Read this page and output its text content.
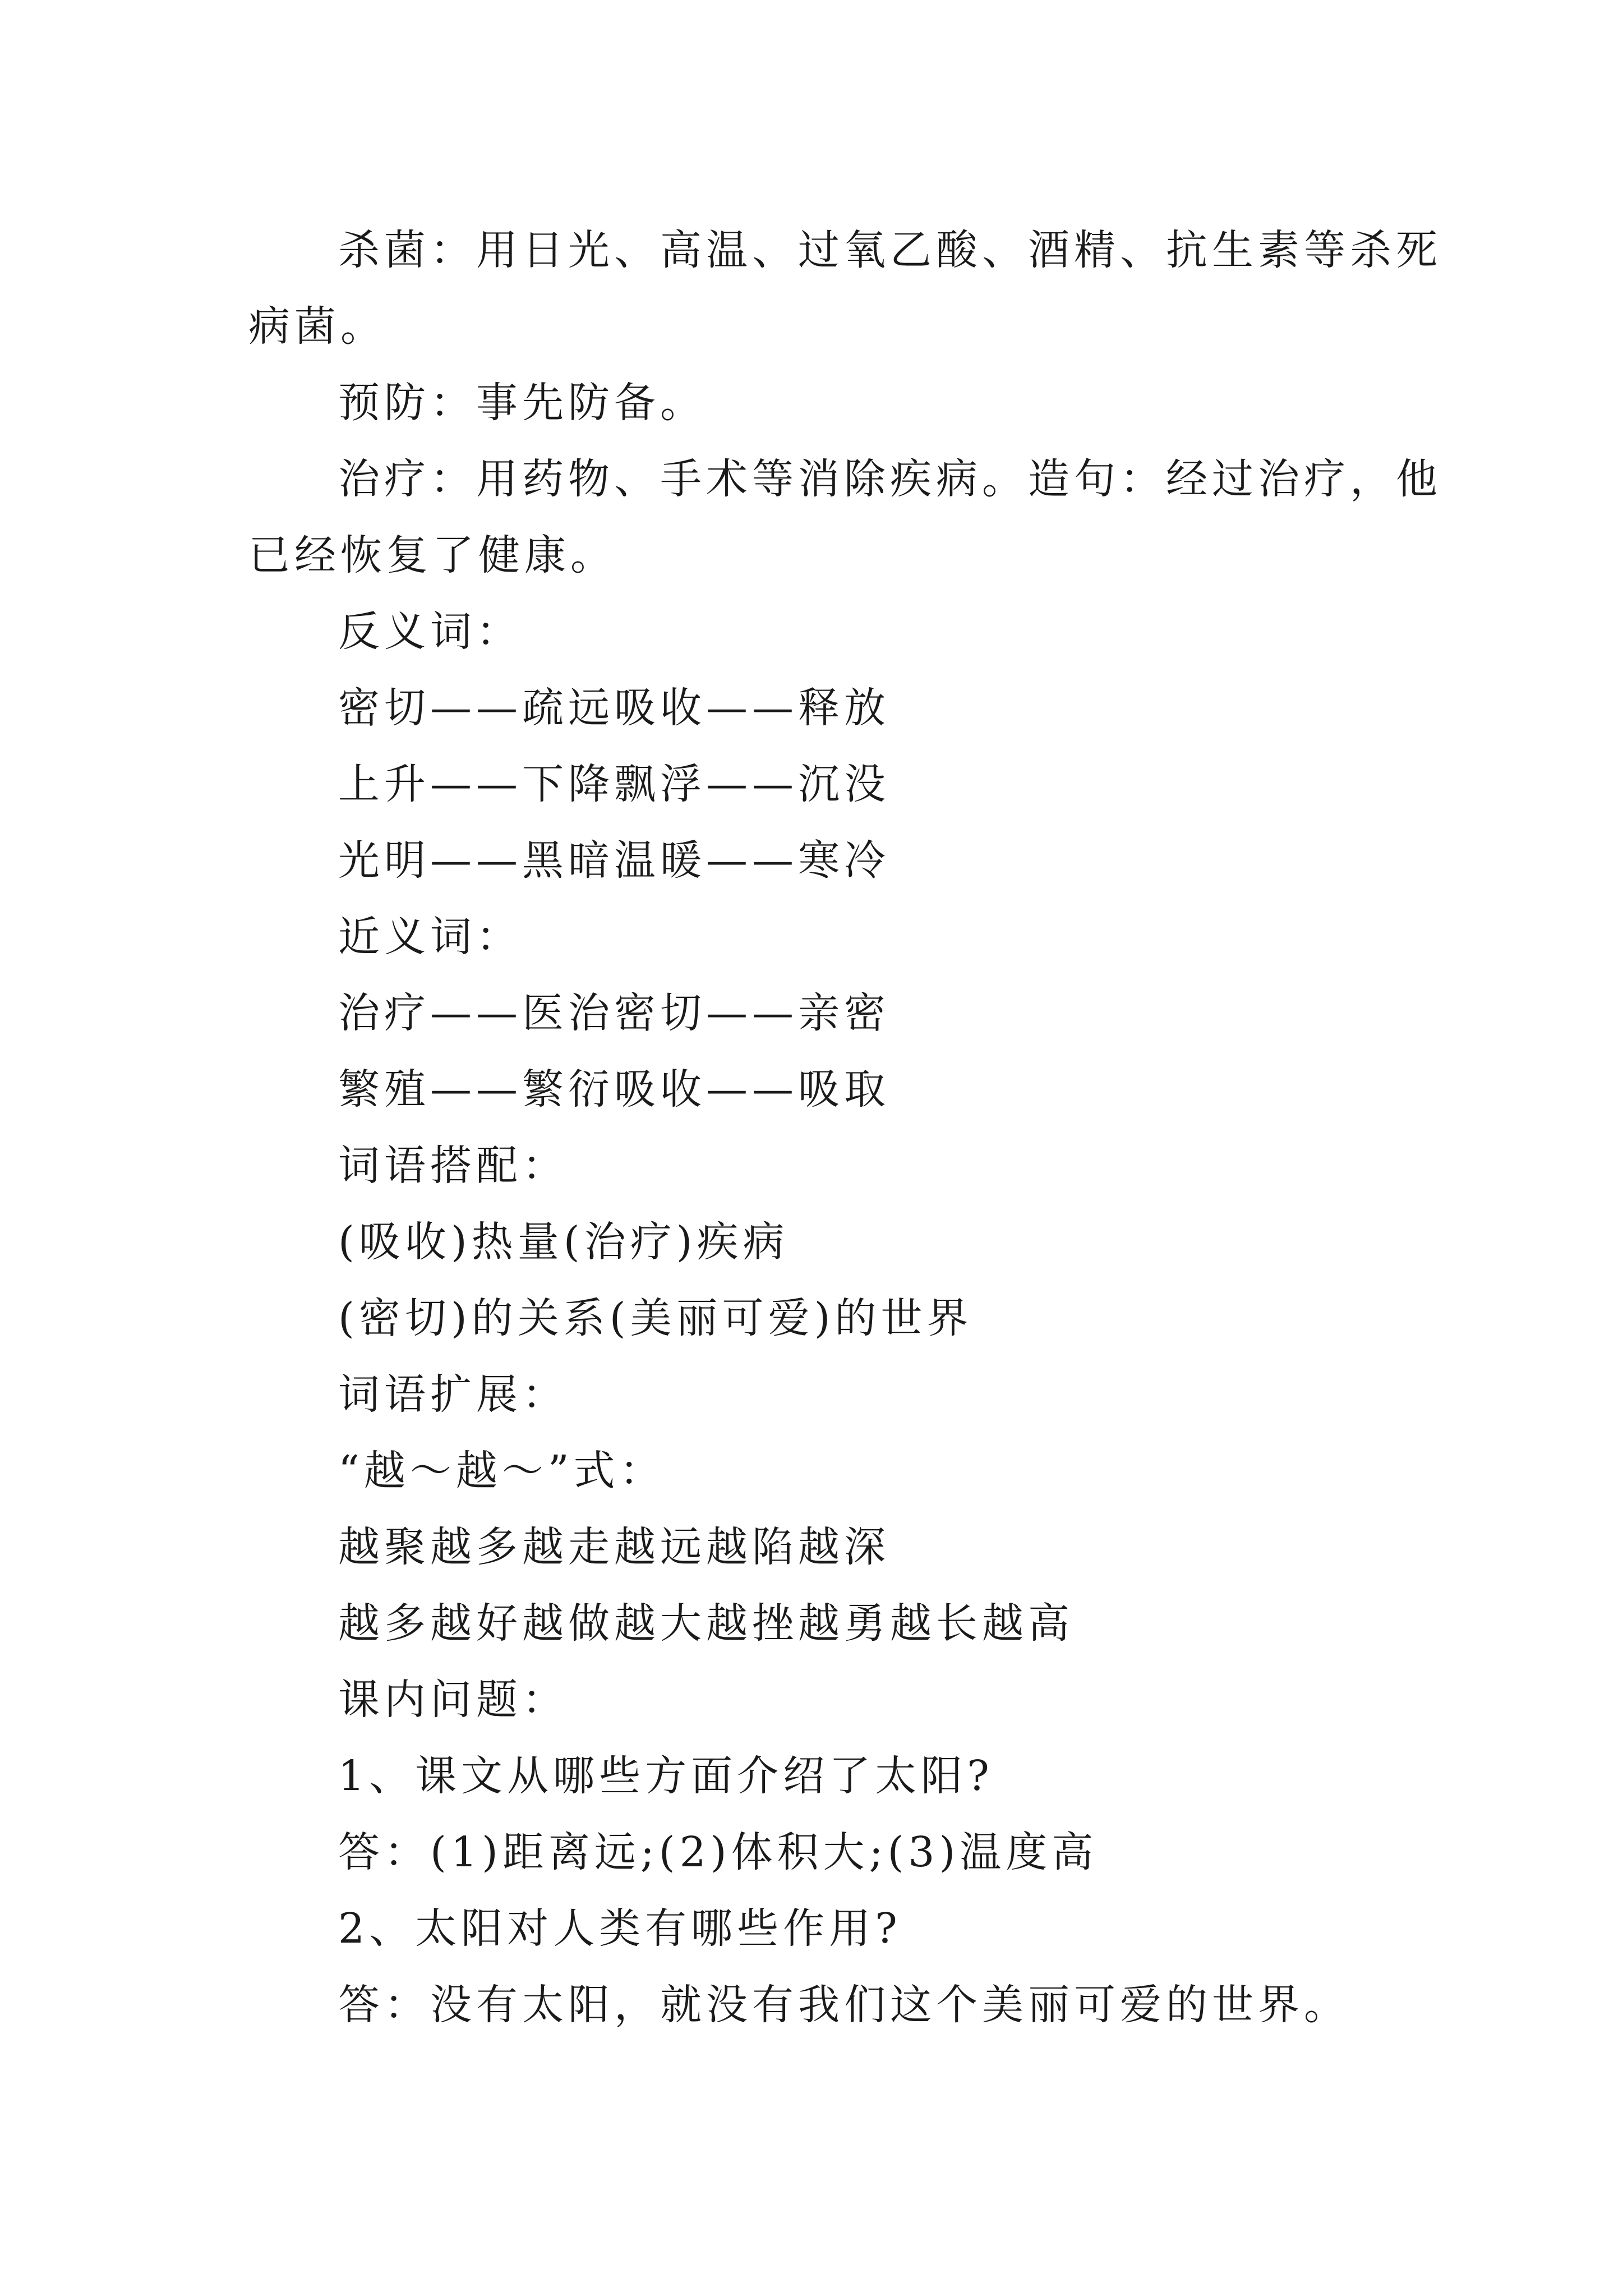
杀菌：用日光、高温、过氧乙酸、酒精、抗生素等杀死

病菌。

预防：事先防备。

治疗：用药物、手术等消除疾病。造句：经过治疗，他

已经恢复了健康。

反义词：

密切——疏远吸收——释放

上升——下降飘浮——沉没

光明——黑暗温暖——寒冷

近义词：

治疗——医治密切——亲密

繁殖——繁衍吸收——吸取

词语搭配：

(吸收)热量(治疗)疾病

(密切)的关系(美丽可爱)的世界

词语扩展：

“越～越～”式：

越聚越多越走越远越陷越深

越多越好越做越大越挫越勇越长越高

课内问题：

1、课文从哪些方面介绍了太阳?

答：(1)距离远;(2)体积大;(3)温度高

2、太阳对人类有哪些作用?

答：没有太阳，就没有我们这个美丽可爱的世界。
